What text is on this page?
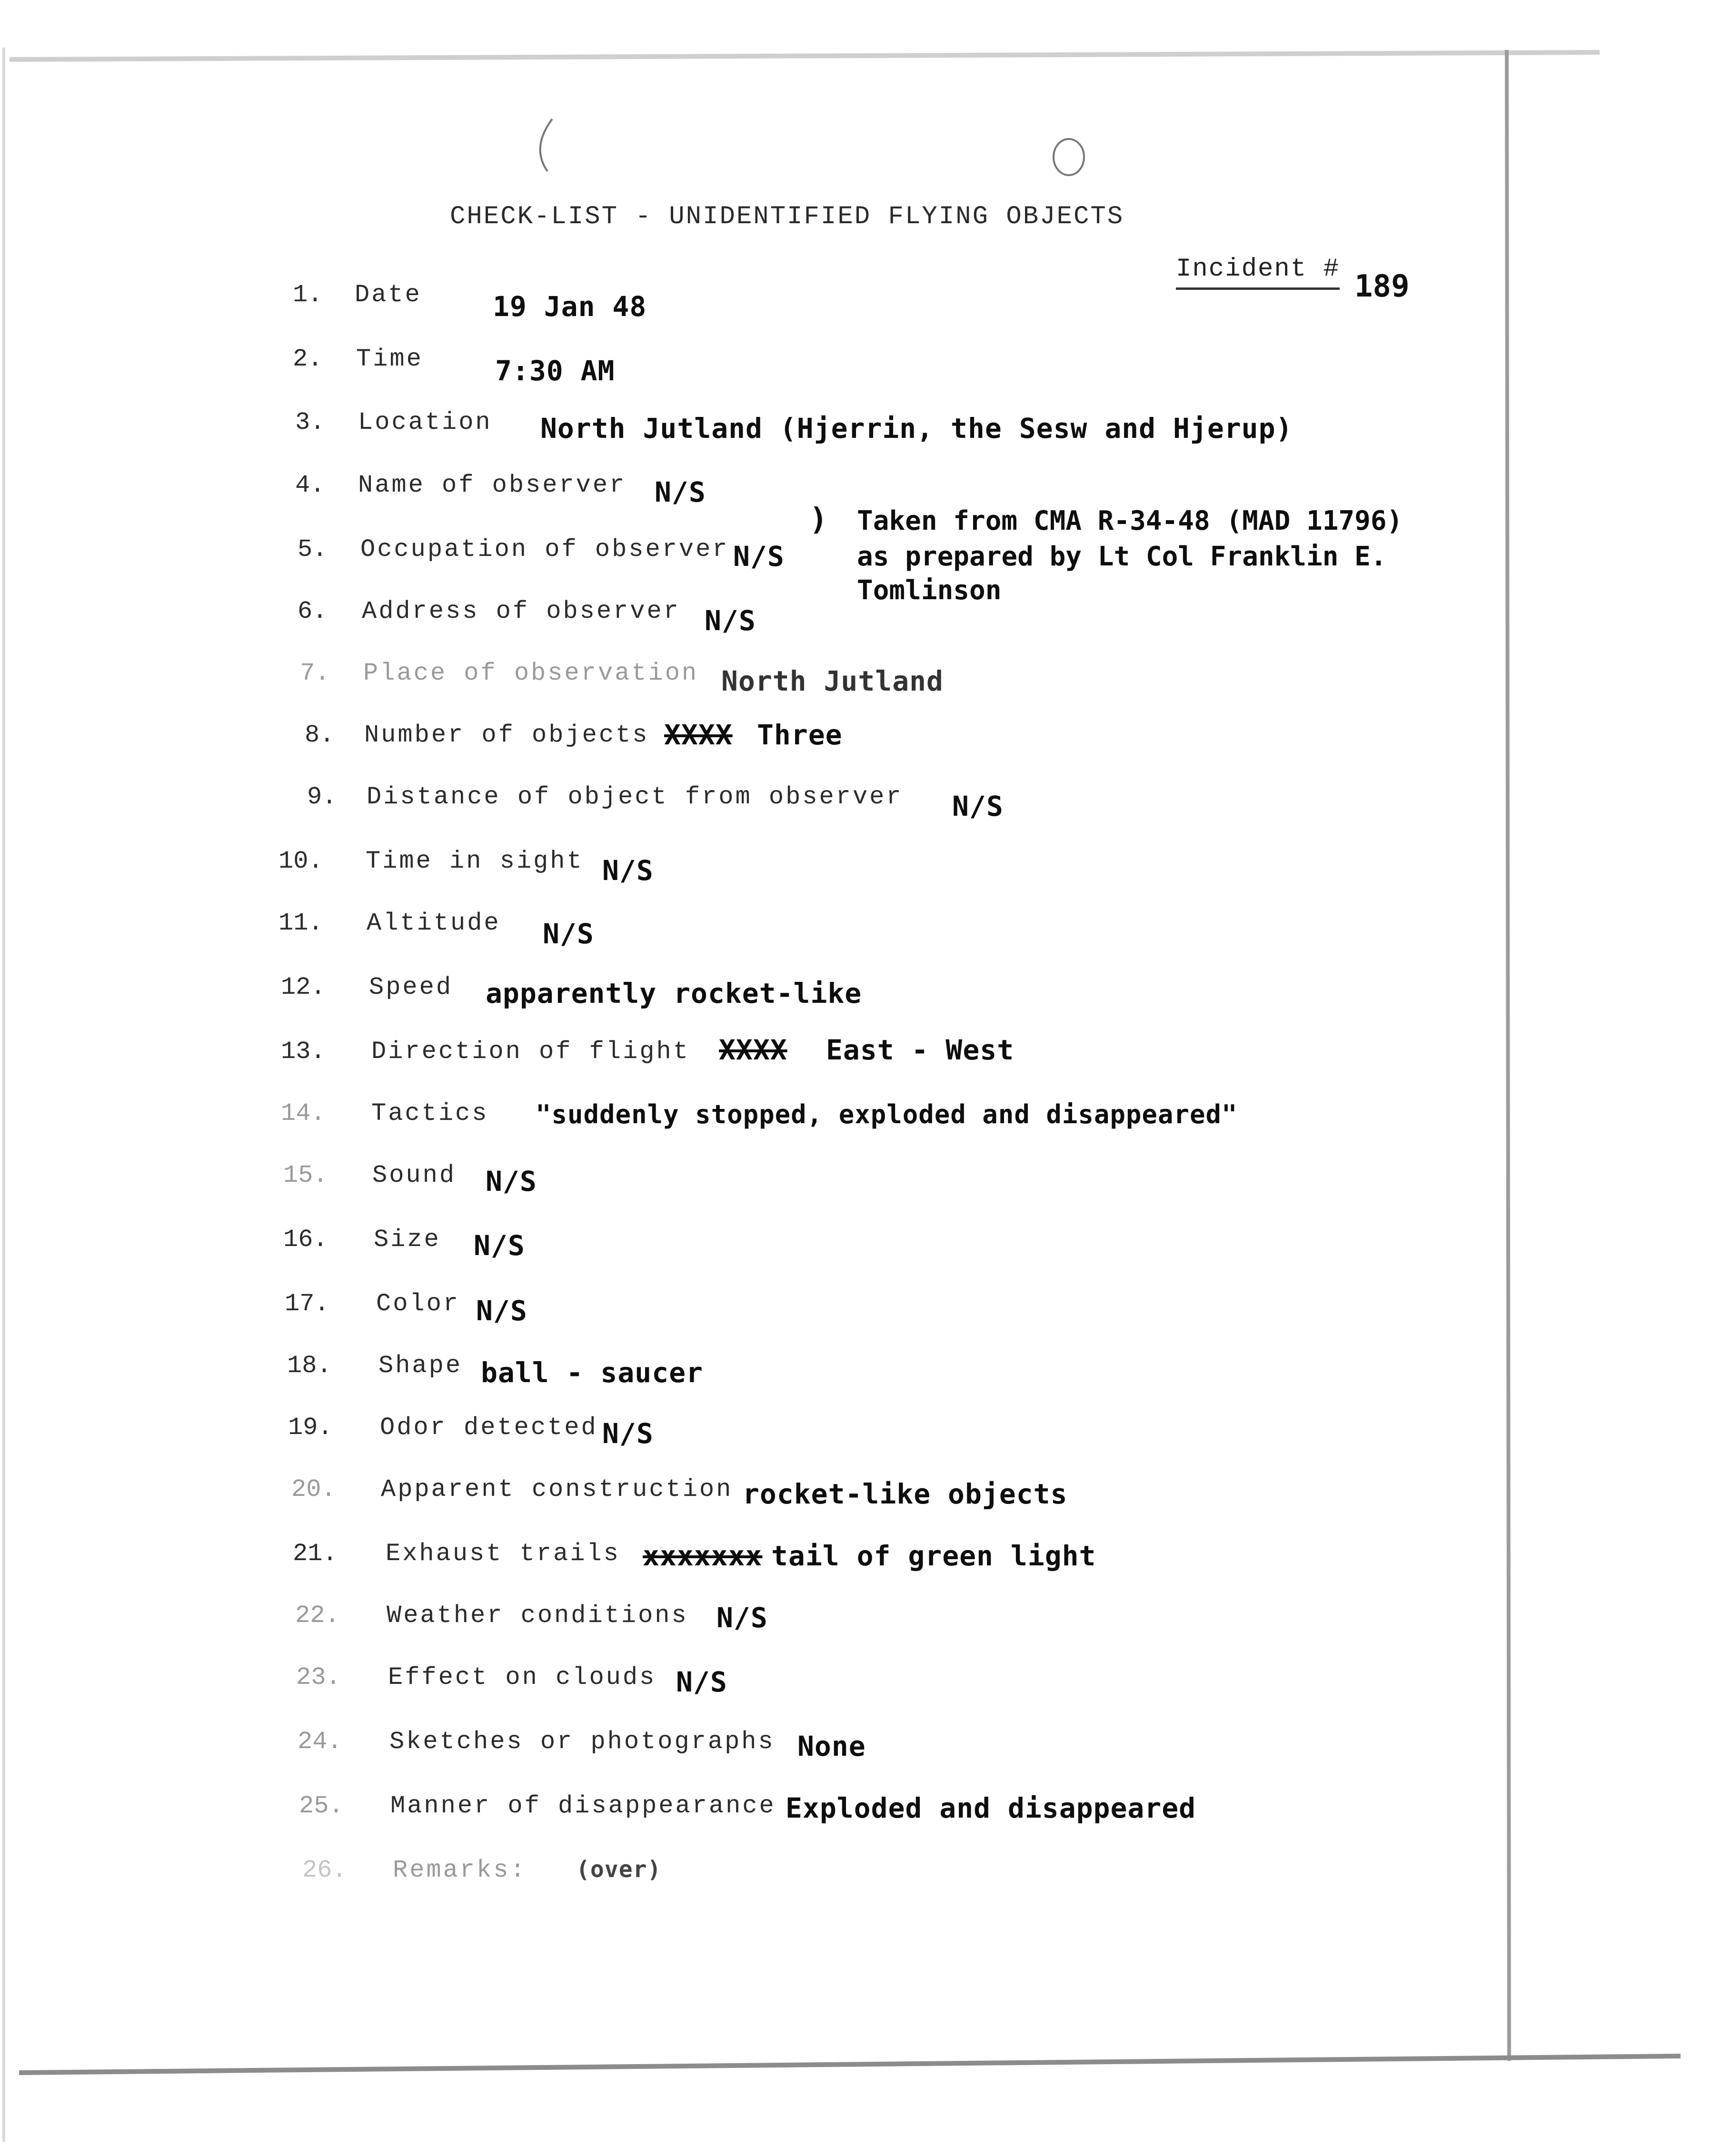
CHECK-LIST - UNIDENTIFIED FLYING OBJECTS
Incident # 189
1. Date	19 Jan 48
2. Time	7:30 AM
3. Location North Jutland (Hjerrin, the Sesw and Hjerup)
4. Name of observer N/S
5. Occupation of observer N/S
6. Address of observer N/S
) Taken from CMA R-34-48 (MAD 11796)
as prepared by Lt Col Franklin E.
Tomlinson
7. Place of observation North Jutland
8. Number of objects XXXX Three
9. Distance of object from observer N/S
10. Time in sight N/S
11. Altitude N/S
12. Speed apparently rocket-like
13. Direction of flight XXXX East - West
14. Tactics "suddenly stopped, exploded and disappeared"
15. Sound N/S
16. Size N/S
17. Color N/S
18. Shape ball - saucer
19. Odor detected N/S
20. Apparent construction rocket-like objects
21. Exhaust trails xxxxxxx tail of green light
22. Weather conditions N/S
23. Effect on clouds N/S
24. Sketches or photographs None
25. Manner of disappearance Exploded and disappeared
26. Remarks: (over)
